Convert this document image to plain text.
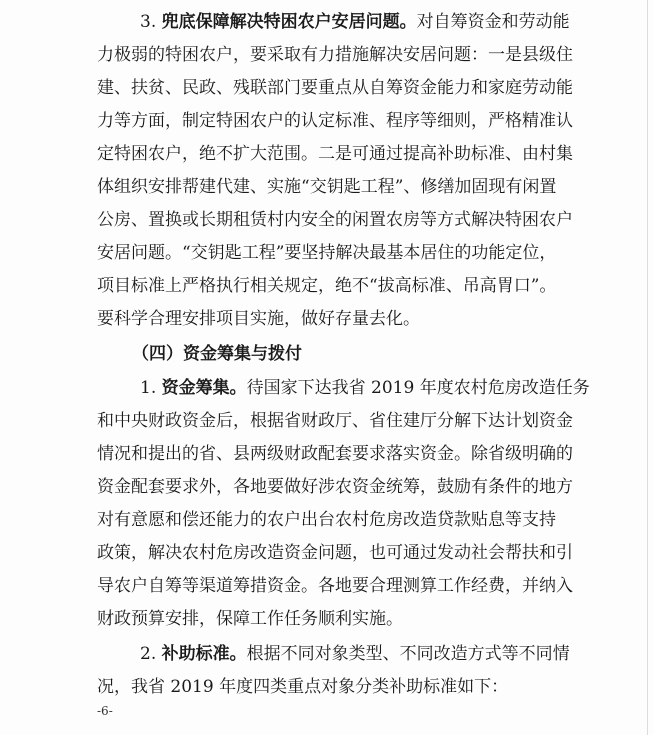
3. 兜底保障解决特困农户安居问题。对自筹资金和劳动能
力极弱的特困农户，要采取有力措施解决安居问题：一是县级住
建、扶贫、民政、残联部门要重点从自筹资金能力和家庭劳动能
力等方面，制定特困农户的认定标准、程序等细则，严格精准认
定特困农户，绝不扩大范围。二是可通过提高补助标准、由村集
体组织安排帮建代建、实施“交钥匙工程”、修缮加固现有闲置
公房、置换或长期租赁村内安全的闲置农房等方式解决特困农户
安居问题。“交钥匙工程”要坚持解决最基本居住的功能定位，
项目标准上严格执行相关规定，绝不“拔高标准、吊高胃口”。
要科学合理安排项目实施，做好存量去化。
（四）资金筹集与拨付
1. 资金筹集。待国家下达我省 2019 年度农村危房改造任务
和中央财政资金后，根据省财政厅、省住建厅分解下达计划资金
情况和提出的省、县两级财政配套要求落实资金。除省级明确的
资金配套要求外，各地要做好涉农资金统筹，鼓励有条件的地方
对有意愿和偿还能力的农户出台农村危房改造贷款贴息等支持
政策，解决农村危房改造资金问题，也可通过发动社会帮扶和引
导农户自筹等渠道筹措资金。各地要合理测算工作经费，并纳入
财政预算安排，保障工作任务顺利实施。
2. 补助标准。根据不同对象类型、不同改造方式等不同情
况，我省 2019 年度四类重点对象分类补助标准如下：
-6-
